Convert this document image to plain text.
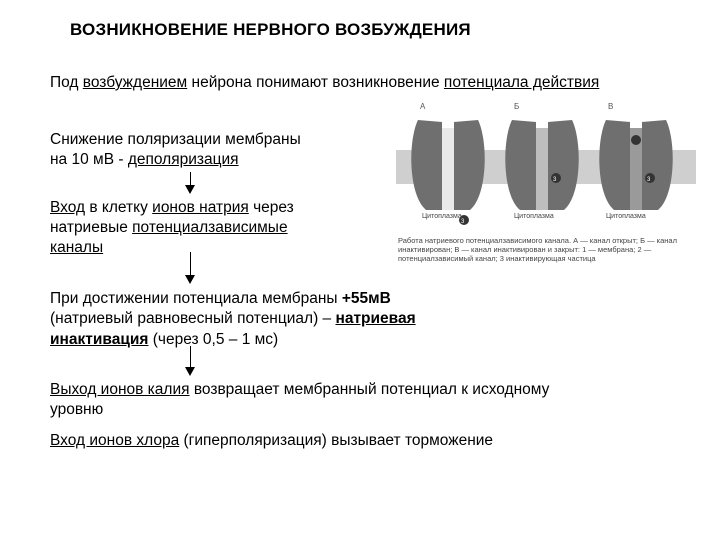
ВОЗНИКНОВЕНИЕ НЕРВНОГО ВОЗБУЖДЕНИЯ
Под возбуждением нейрона понимают возникновение потенциала действия
Снижение поляризации мембраны
на 10 мВ - деполяризация
Вход в клетку ионов натрия через
натриевые потенциалзависимые
каналы
При достижении потенциала мембраны +55мВ
(натриевый равновесный потенциал) – натриевая
инактивация (через 0,5 – 1 мс)
Выход ионов калия возвращает мембранный потенциал к исходному
уровню
Вход ионов хлора (гиперполяризация) вызывает торможение
А
3
Б
3
В
3
Цитоплазма	Цитоплазма	Цитоплазма
Работа натриевого потенциалзависимого канала. А — канал открыт; Б — канал инактивирован; В — канал инактивирован и закрыт: 1 — мембрана; 2 — потенциалзависимый канал; 3 инактивирующая частица
